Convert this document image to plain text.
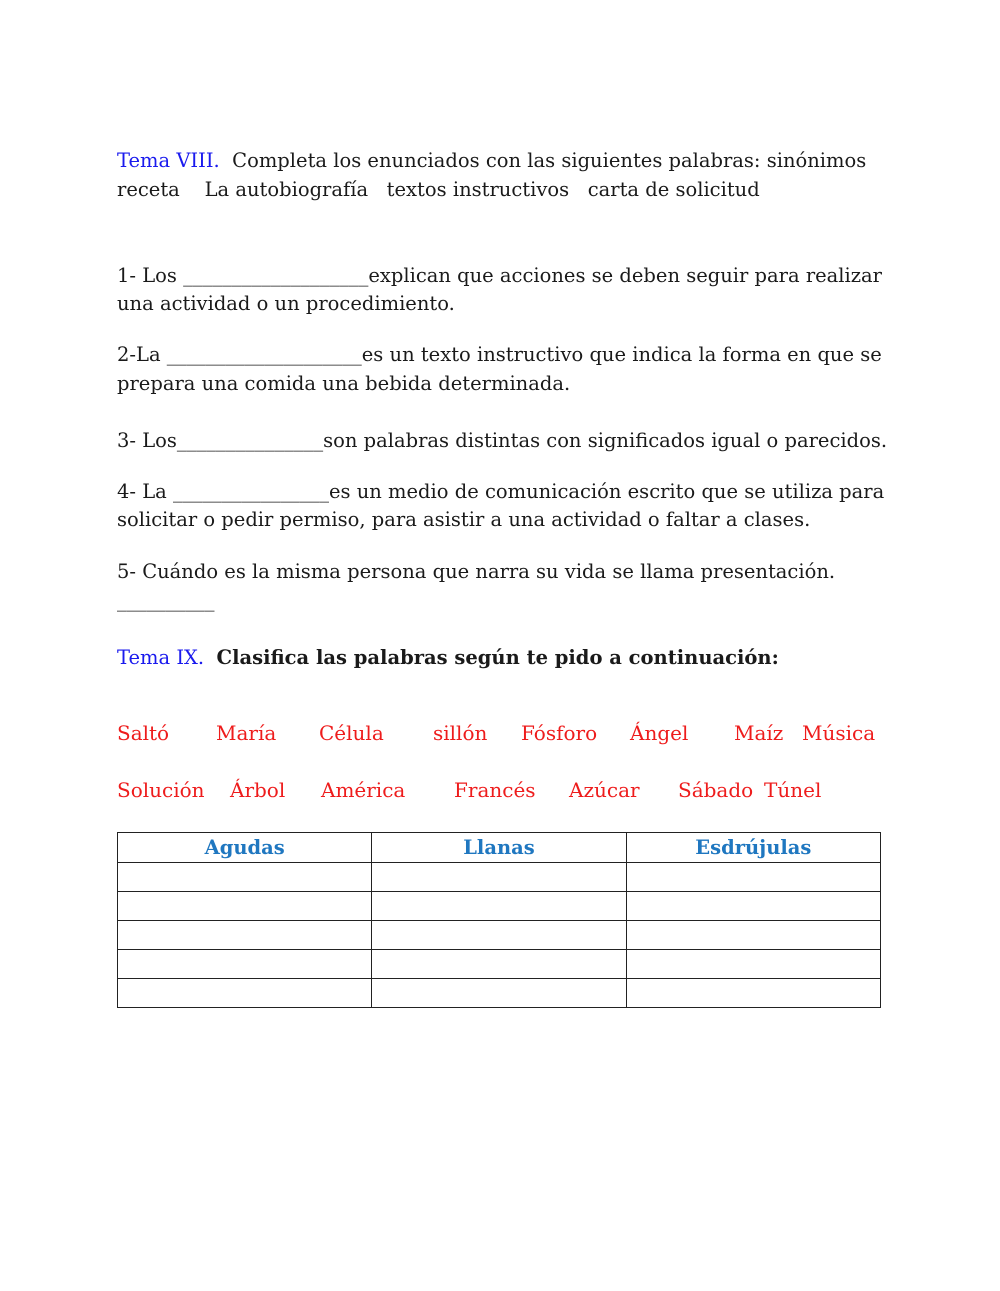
Tema VIII. Completa los enunciados con las siguientes palabras: sinónimos
receta    La autobiografía   textos instructivos   carta de solicitud
1- Los ___________________explican que acciones se deben seguir para realizar
una actividad o un procedimiento.
2-La ____________________es un texto instructivo que indica la forma en que se
prepara una comida una bebida determinada.
3- Los_______________son palabras distintas con significados igual o parecidos.
4- La ________________es un medio de comunicación escrito que se utiliza para
solicitar o pedir permiso, para asistir a una actividad o faltar a clases.
5- Cuándo es la misma persona que narra su vida se llama presentación.
__________
Tema IX. Clasifica las palabras según te pido a continuación:
Saltó María Célula sillón Fósforo Ángel Maíz Música
Solución Árbol América Francés Azúcar Sábado Túnel
Agudas	Llanas	Esdrújulas
